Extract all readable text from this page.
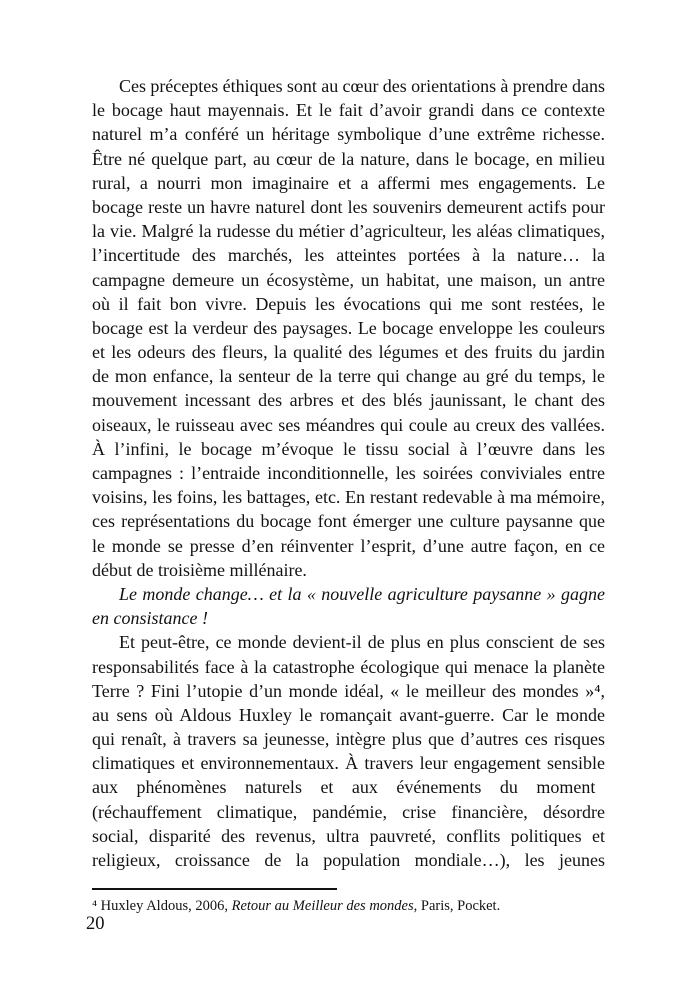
Ces préceptes éthiques sont au cœur des orientations à prendre dans
le bocage haut mayennais. Et le fait d’avoir grandi dans ce contexte
naturel m’a conféré un héritage symbolique d’une extrême richesse.
Être né quelque part, au cœur de la nature, dans le bocage, en milieu
rural, a nourri mon imaginaire et a affermi mes engagements. Le
bocage reste un havre naturel dont les souvenirs demeurent actifs pour
la vie. Malgré la rudesse du métier d’agriculteur, les aléas climatiques,
l’incertitude des marchés, les atteintes portées à la nature… la
campagne demeure un écosystème, un habitat, une maison, un antre
où il fait bon vivre. Depuis les évocations qui me sont restées, le
bocage est la verdeur des paysages. Le bocage enveloppe les couleurs
et les odeurs des fleurs, la qualité des légumes et des fruits du jardin
de mon enfance, la senteur de la terre qui change au gré du temps, le
mouvement incessant des arbres et des blés jaunissant, le chant des
oiseaux, le ruisseau avec ses méandres qui coule au creux des vallées.
À l’infini, le bocage m’évoque le tissu social à l’œuvre dans les
campagnes : l’entraide inconditionnelle, les soirées conviviales entre
voisins, les foins, les battages, etc. En restant redevable à ma mémoire,
ces représentations du bocage font émerger une culture paysanne que
le monde se presse d’en réinventer l’esprit, d’une autre façon, en ce
début de troisième millénaire.
Le monde change… et la « nouvelle agriculture paysanne » gagne
en consistance !
Et peut-être, ce monde devient-il de plus en plus conscient de ses
responsabilités face à la catastrophe écologique qui menace la planète
Terre ? Fini l’utopie d’un monde idéal, « le meilleur des mondes »⁴,
au sens où Aldous Huxley le romançait avant-guerre. Car le monde
qui renaît, à travers sa jeunesse, intègre plus que d’autres ces risques
climatiques et environnementaux. À travers leur engagement sensible
aux phénomènes naturels et aux événements du moment
(réchauffement climatique, pandémie, crise financière, désordre
social, disparité des revenus, ultra pauvreté, conflits politiques et
religieux, croissance de la population mondiale…), les jeunes
⁴ Huxley Aldous, 2006, Retour au Meilleur des mondes, Paris, Pocket.
20
